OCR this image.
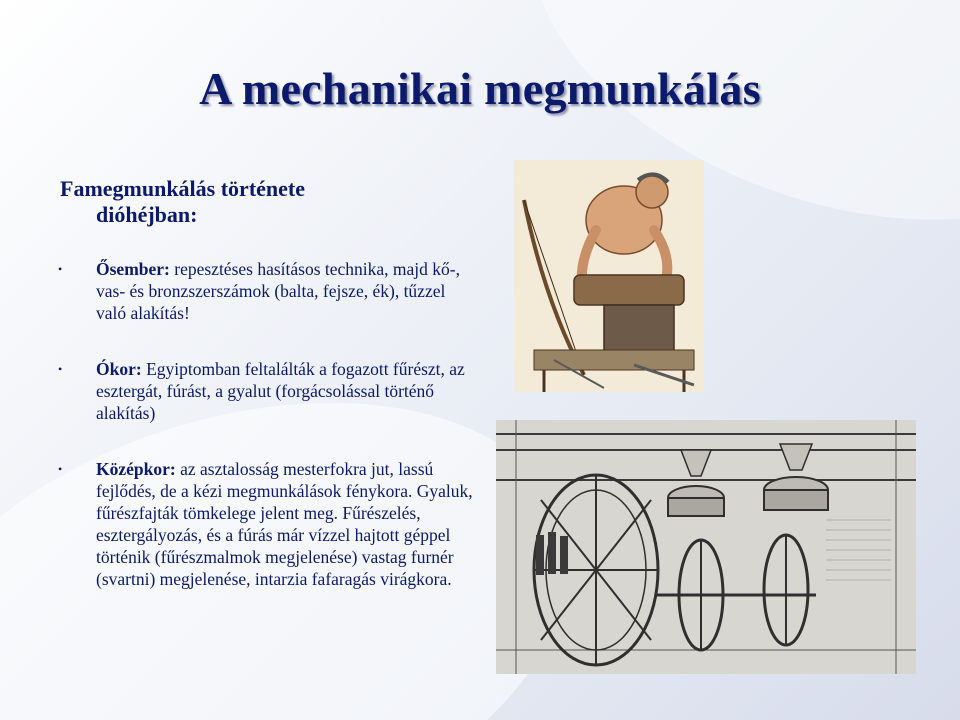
A mechanikai megmunkálás
Famegmunkálás története
dióhéjban:
• Ősember: repesztéses hasításos technika, majd kő-, vas- és bronzszerszámok (balta, fejsze, ék), tűzzel való alakítás!
• Ókor: Egyiptomban feltalálták a fogazott fűrészt, az esztergát, fúrást, a gyalut (forgácsolással történő alakítás)
• Középkor: az asztalosság mesterfokra jut, lassú fejlődés, de a kézi megmunkálások fénykora. Gyaluk, fűrészfajták tömkelege jelent meg. Fűrészelés, esztergályozás, és a fúrás már vízzel hajtott géppel történik (fűrészmalmok megjelenése) vastag furnér (svartni) megjelenése, intarzia fafaragás virágkora.
